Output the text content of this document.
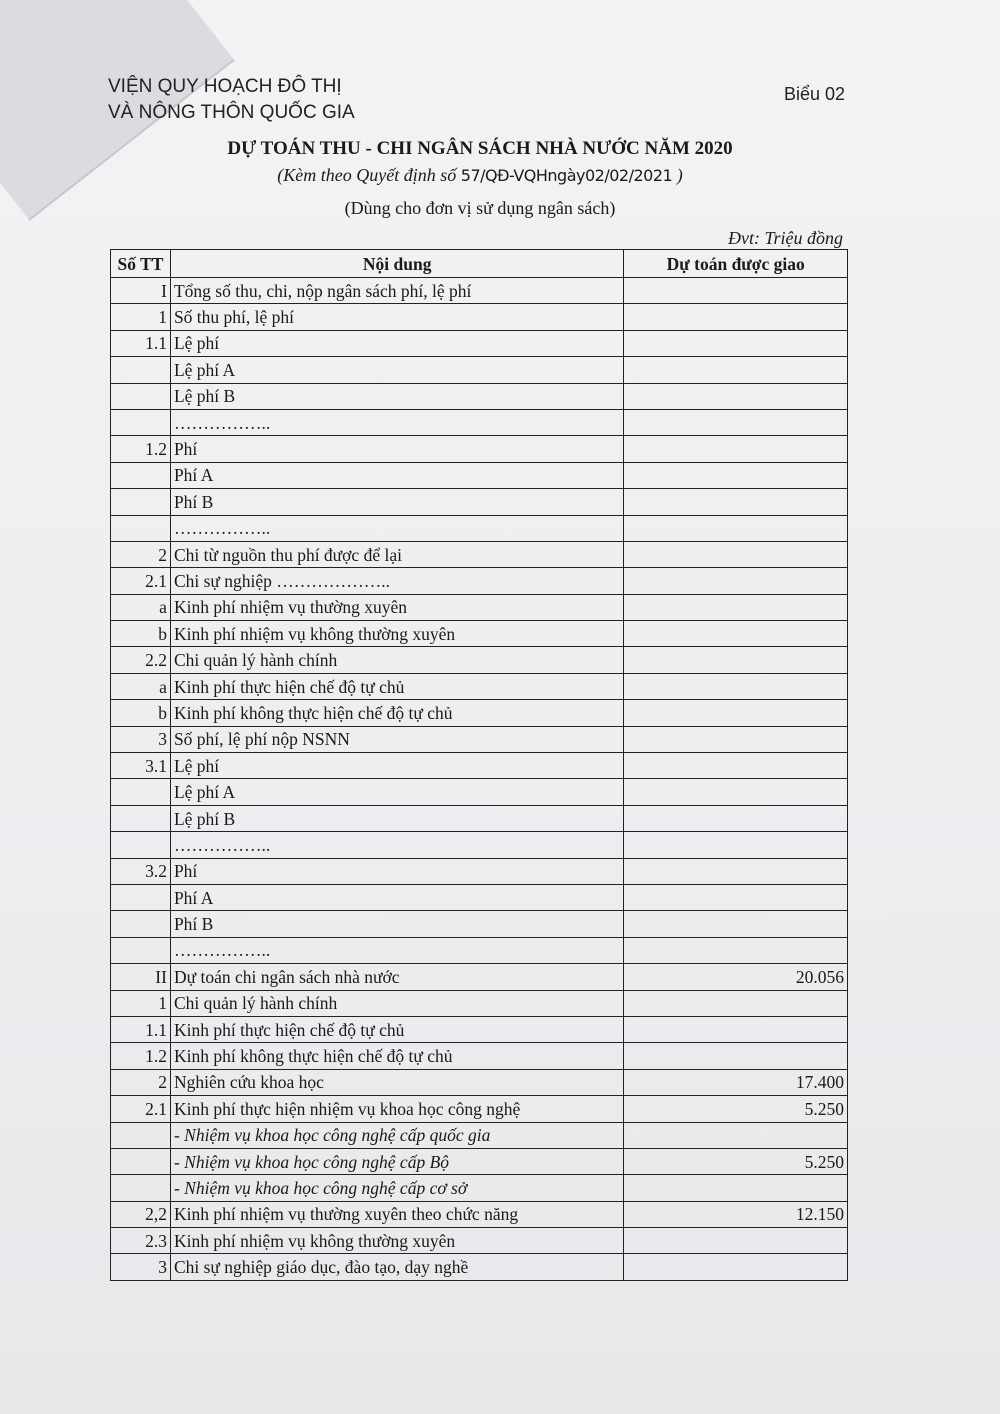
VIỆN QUY HOẠCH ĐÔ THỊ
VÀ NÔNG THÔN QUỐC GIA
Biểu 02
DỰ TOÁN THU - CHI NGÂN SÁCH NHÀ NƯỚC NĂM 2020
(Kèm theo Quyết định số 57/QĐ-VQHngày02/02/2021 )
(Dùng cho đơn vị sử dụng ngân sách)
Đvt: Triệu đồng
Số TT	Nội dung	Dự toán được giao
I	Tổng số thu, chi, nộp ngân sách phí, lệ phí	
1	Số thu phí, lệ phí	
1.1	Lệ phí	
	Lệ phí A	
	Lệ phí B	
	……………..	
1.2	Phí	
	Phí A	
	Phí B	
	……………..	
2	Chi từ nguồn thu phí được để lại	
2.1	Chi sự nghiệp ………………..	
a	Kinh phí nhiệm vụ thường xuyên	
b	Kinh phí nhiệm vụ không thường xuyên	
2.2	Chi quản lý hành chính	
a	Kinh phí thực hiện chế độ tự chủ	
b	Kinh phí không thực hiện chế độ tự chủ	
3	Số phí, lệ phí nộp NSNN	
3.1	Lệ phí	
	Lệ phí A	
	Lệ phí B	
	……………..	
3.2	Phí	
	Phí A	
	Phí B	
	……………..	
II	Dự toán chi ngân sách nhà nước	20.056
1	Chi quản lý hành chính	
1.1	Kinh phí thực hiện chế độ tự chủ	
1.2	Kinh phí không thực hiện chế độ tự chủ	
2	Nghiên cứu khoa học	17.400
2.1	Kinh phí thực hiện nhiệm vụ khoa học công nghệ	5.250
	- Nhiệm vụ khoa học công nghệ cấp quốc gia	
	- Nhiệm vụ khoa học công nghệ cấp Bộ	5.250
	- Nhiệm vụ khoa học công nghệ cấp cơ sở	
2,2	Kinh phí nhiệm vụ thường xuyên theo chức năng	12.150
2.3	Kinh phí nhiệm vụ không thường xuyên	
3	Chi sự nghiệp giáo dục, đào tạo, dạy nghề	
